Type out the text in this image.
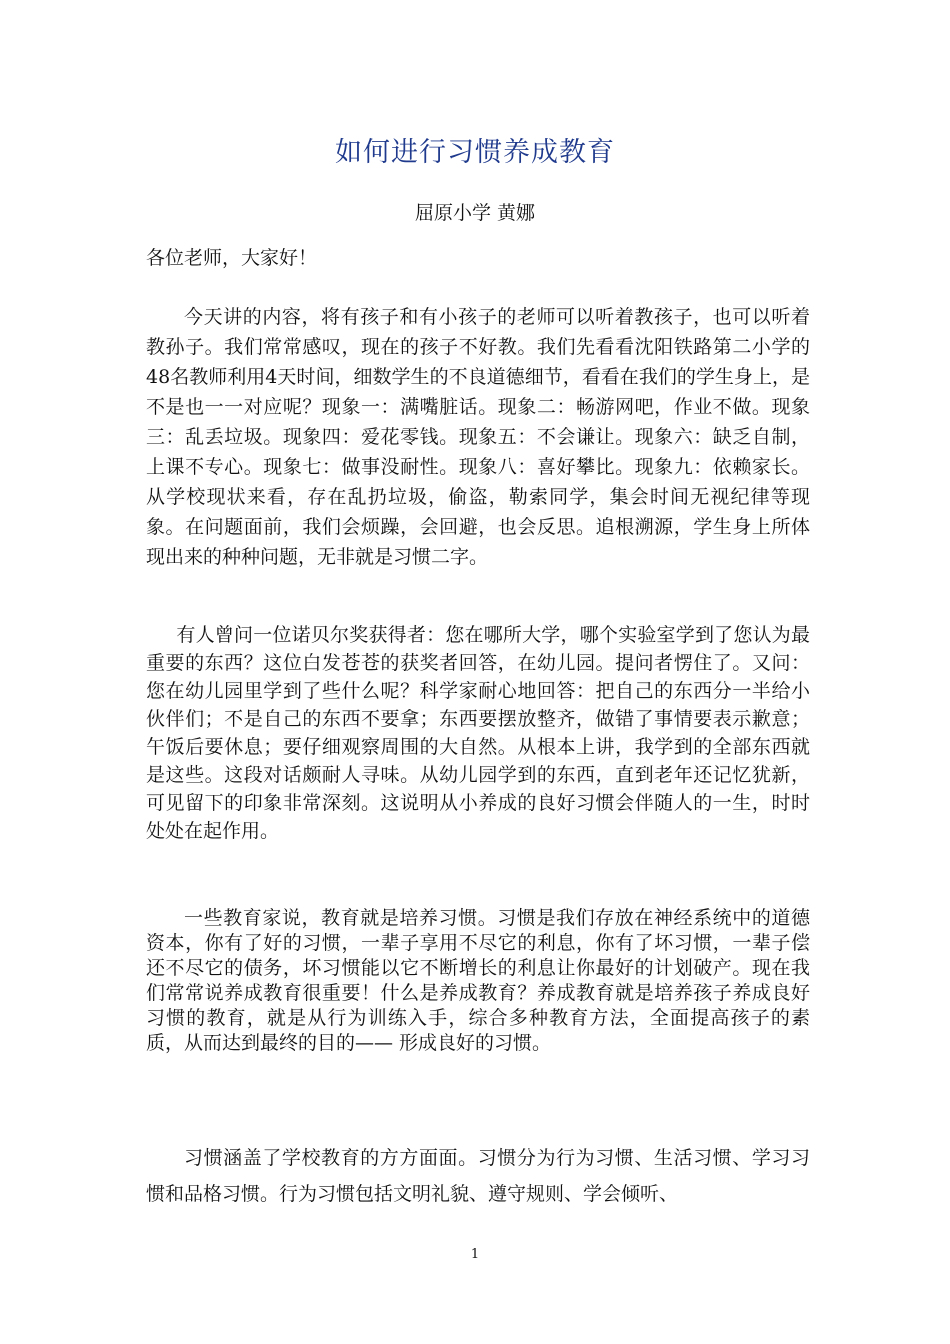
如何进行习惯养成教育
屈原小学 黄娜

各位老师，大家好！

今天讲的内容，将有孩子和有小孩子的老师可以听着教孩子，也可以听着教孙子。我们常常感叹，现在的孩子不好教。我们先看看沈阳铁路第二小学的48名教师利用4天时间，细数学生的不良道德细节，看看在我们的学生身上，是不是也一一对应呢？现象一：满嘴脏话。现象二：畅游网吧，作业不做。现象三：乱丢垃圾。现象四：爱花零钱。现象五：不会谦让。现象六：缺乏自制，上课不专心。现象七：做事没耐性。现象八：喜好攀比。现象九：依赖家长。从学校现状来看，存在乱扔垃圾，偷盗，勒索同学，集会时间无视纪律等现象。在问题面前，我们会烦躁，会回避，也会反思。追根溯源，学生身上所体现出来的种种问题，无非就是习惯二字。

有人曾问一位诺贝尔奖获得者：您在哪所大学，哪个实验室学到了您认为最重要的东西？这位白发苍苍的获奖者回答，在幼儿园。提问者愣住了。又问：您在幼儿园里学到了些什么呢？科学家耐心地回答：把自己的东西分一半给小伙伴们；不是自己的东西不要拿；东西要摆放整齐，做错了事情要表示歉意；午饭后要休息；要仔细观察周围的大自然。从根本上讲，我学到的全部东西就是这些。这段对话颇耐人寻味。从幼儿园学到的东西，直到老年还记忆犹新，可见留下的印象非常深刻。这说明从小养成的良好习惯会伴随人的一生，时时处处在起作用。

一些教育家说，教育就是培养习惯。习惯是我们存放在神经系统中的道德资本，你有了好的习惯，一辈子享用不尽它的利息，你有了坏习惯，一辈子偿还不尽它的债务，坏习惯能以它不断增长的利息让你最好的计划破产。现在我们常常说养成教育很重要！什么是养成教育？养成教育就是培养孩子养成良好习惯的教育，就是从行为训练入手，综合多种教育方法，全面提高孩子的素质，从而达到最终的目的—— 形成良好的习惯。

习惯涵盖了学校教育的方方面面。习惯分为行为习惯、生活习惯、学习习惯和品格习惯。行为习惯包括文明礼貌、遵守规则、学会倾听、

1
